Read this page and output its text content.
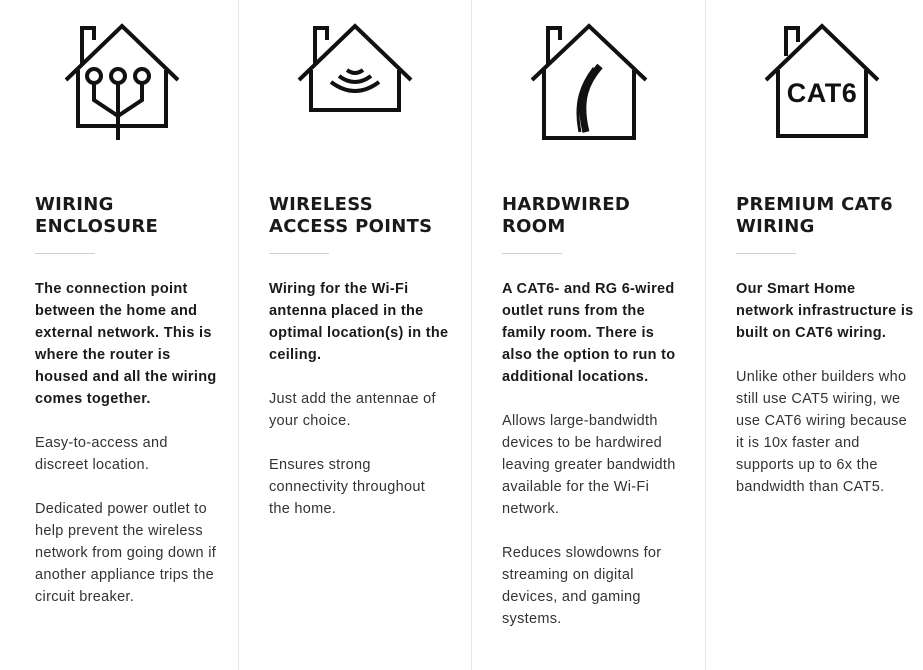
WIRING
ENCLOSURE

The connection point between the home and external network. This is where the router is housed and all the wiring comes together.

Easy-to-access and discreet location.

Dedicated power outlet to help prevent the wireless network from going down if another appliance trips the circuit breaker.

WIRELESS
ACCESS POINTS

Wiring for the Wi-Fi antenna placed in the optimal location(s) in the ceiling.

Just add the antennae of your choice.

Ensures strong connectivity throughout the home.

HARDWIRED
ROOM

A CAT6- and RG 6-wired outlet runs from the family room. There is also the option to run to additional locations.

Allows large-bandwidth devices to be hardwired leaving greater bandwidth available for the Wi-Fi network.

Reduces slowdowns for streaming on digital devices, and gaming systems.

CAT6
PREMIUM CAT6
WIRING

Our Smart Home network infrastructure is built on CAT6 wiring.

Unlike other builders who still use CAT5 wiring, we use CAT6 wiring because it is 10x faster and supports up to 6x the bandwidth than CAT5.
